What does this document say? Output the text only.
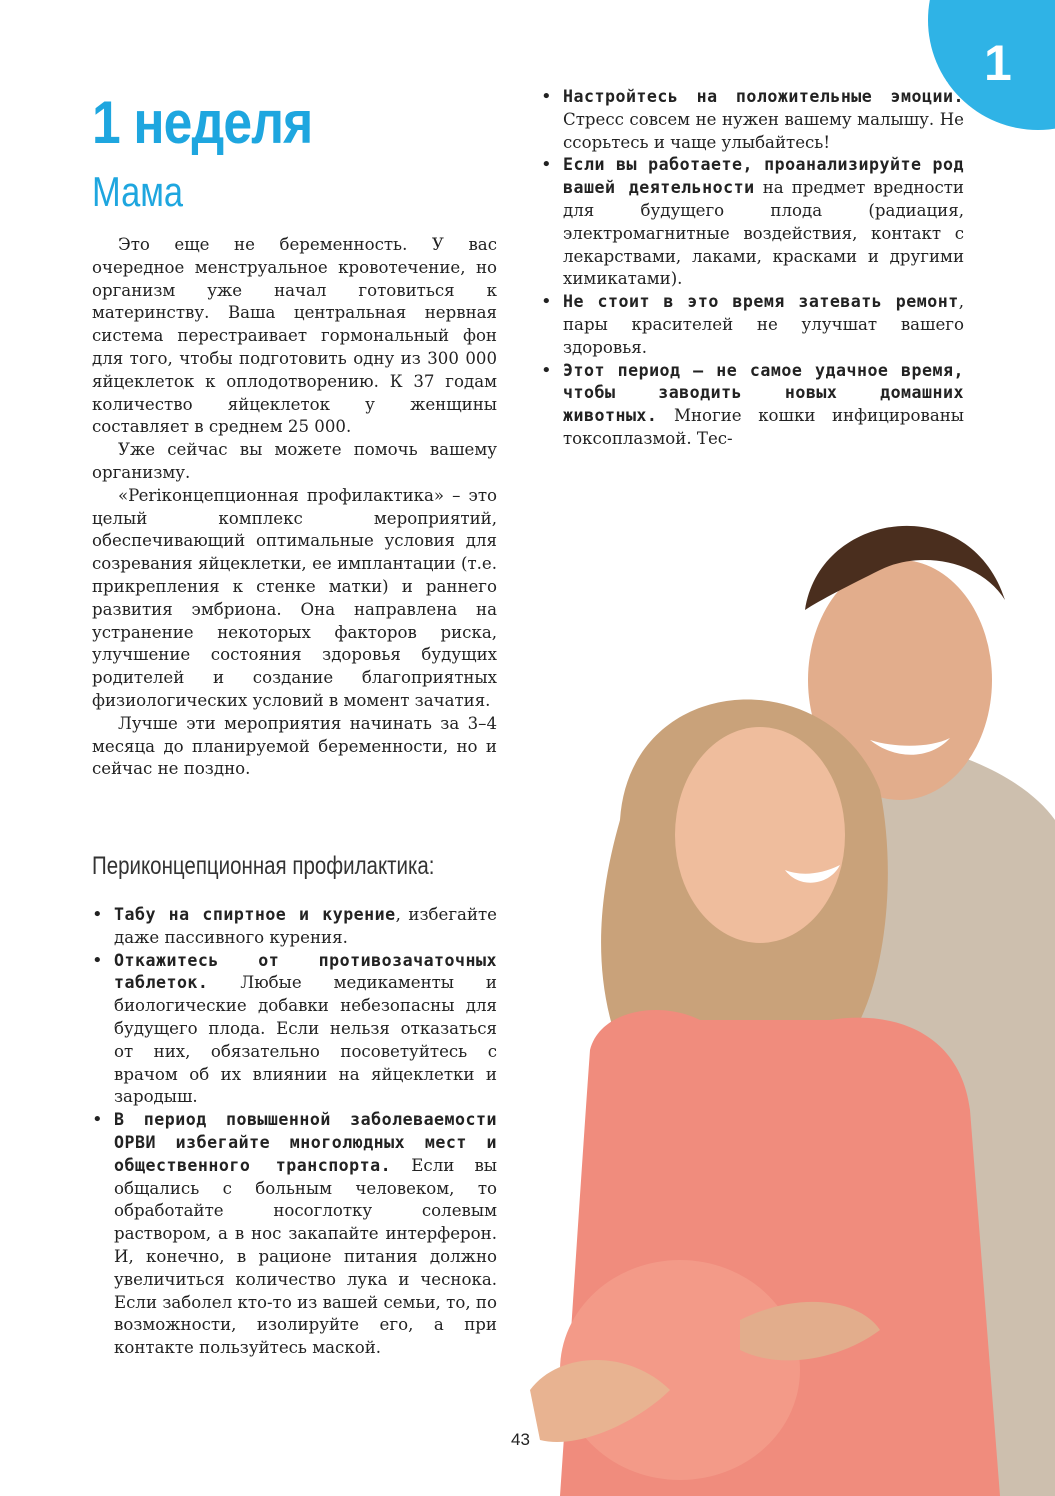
1
триместр
1 неделя
Мама

Это еще не беременность. У вас очередное менструальное кровотечение, но организм уже начал готовиться к материнству. Ваша центральная нервная система перестраивает гормональный фон для того, чтобы подготовить одну из 300 000 яйцеклеток к оплодотворению. К 37 годам количество яйцеклеток у женщины составляет в среднем 25 000.

Уже сейчас вы можете помочь вашему организму.

«Periконцепционная профилактика» – это целый комплекс мероприятий, обеспечивающий оптимальные условия для созревания яйцеклетки, ее имплантации (т.е. прикрепления к стенке матки) и раннего развития эмбриона. Она направлена на устранение некоторых факторов риска, улучшение состояния здоровья будущих родителей и создание благоприятных физиологических условий в момент зачатия.

Лучше эти мероприятия начинать за 3–4 месяца до планируемой беременности, но и сейчас не поздно.

Периконцепционная профилактика:
• Табу на спиртное и курение, избегайте даже пассивного курения.
• Откажитесь от противозачаточных таблеток. Любые медикаменты и биологические добавки небезопасны для будущего плода. Если нельзя отказаться от них, обязательно посоветуйтесь с врачом об их влиянии на яйцеклетки и зародыш.
• В период повышенной заболеваемости ОРВИ избегайте многолюдных мест и общественного транспорта. Если вы общались с больным человеком, то обработайте носоглотку солевым раствором, а в нос закапайте интерферон. И, конечно, в рационе питания должно увеличиться количество лука и чеснока. Если заболел кто-то из вашей семьи, то, по возможности, изолируйте его, а при контакте пользуйтесь маской.
• Настройтесь на положительные эмоции. Стресс совсем не нужен вашему малышу. Не ссорьтесь и чаще улыбайтесь!
• Если вы работаете, проанализируйте род вашей деятельности на предмет вредности для будущего плода (радиация, электромагнитные воздействия, контакт с лекарствами, лаками, красками и другими химикатами).
• Не стоит в это время затевать ремонт, пары красителей не улучшат вашего здоровья.
• Этот период – не самое удачное время, чтобы заводить новых домашних животных. Многие кошки инфицированы токсоплазмой. Тес-
43
